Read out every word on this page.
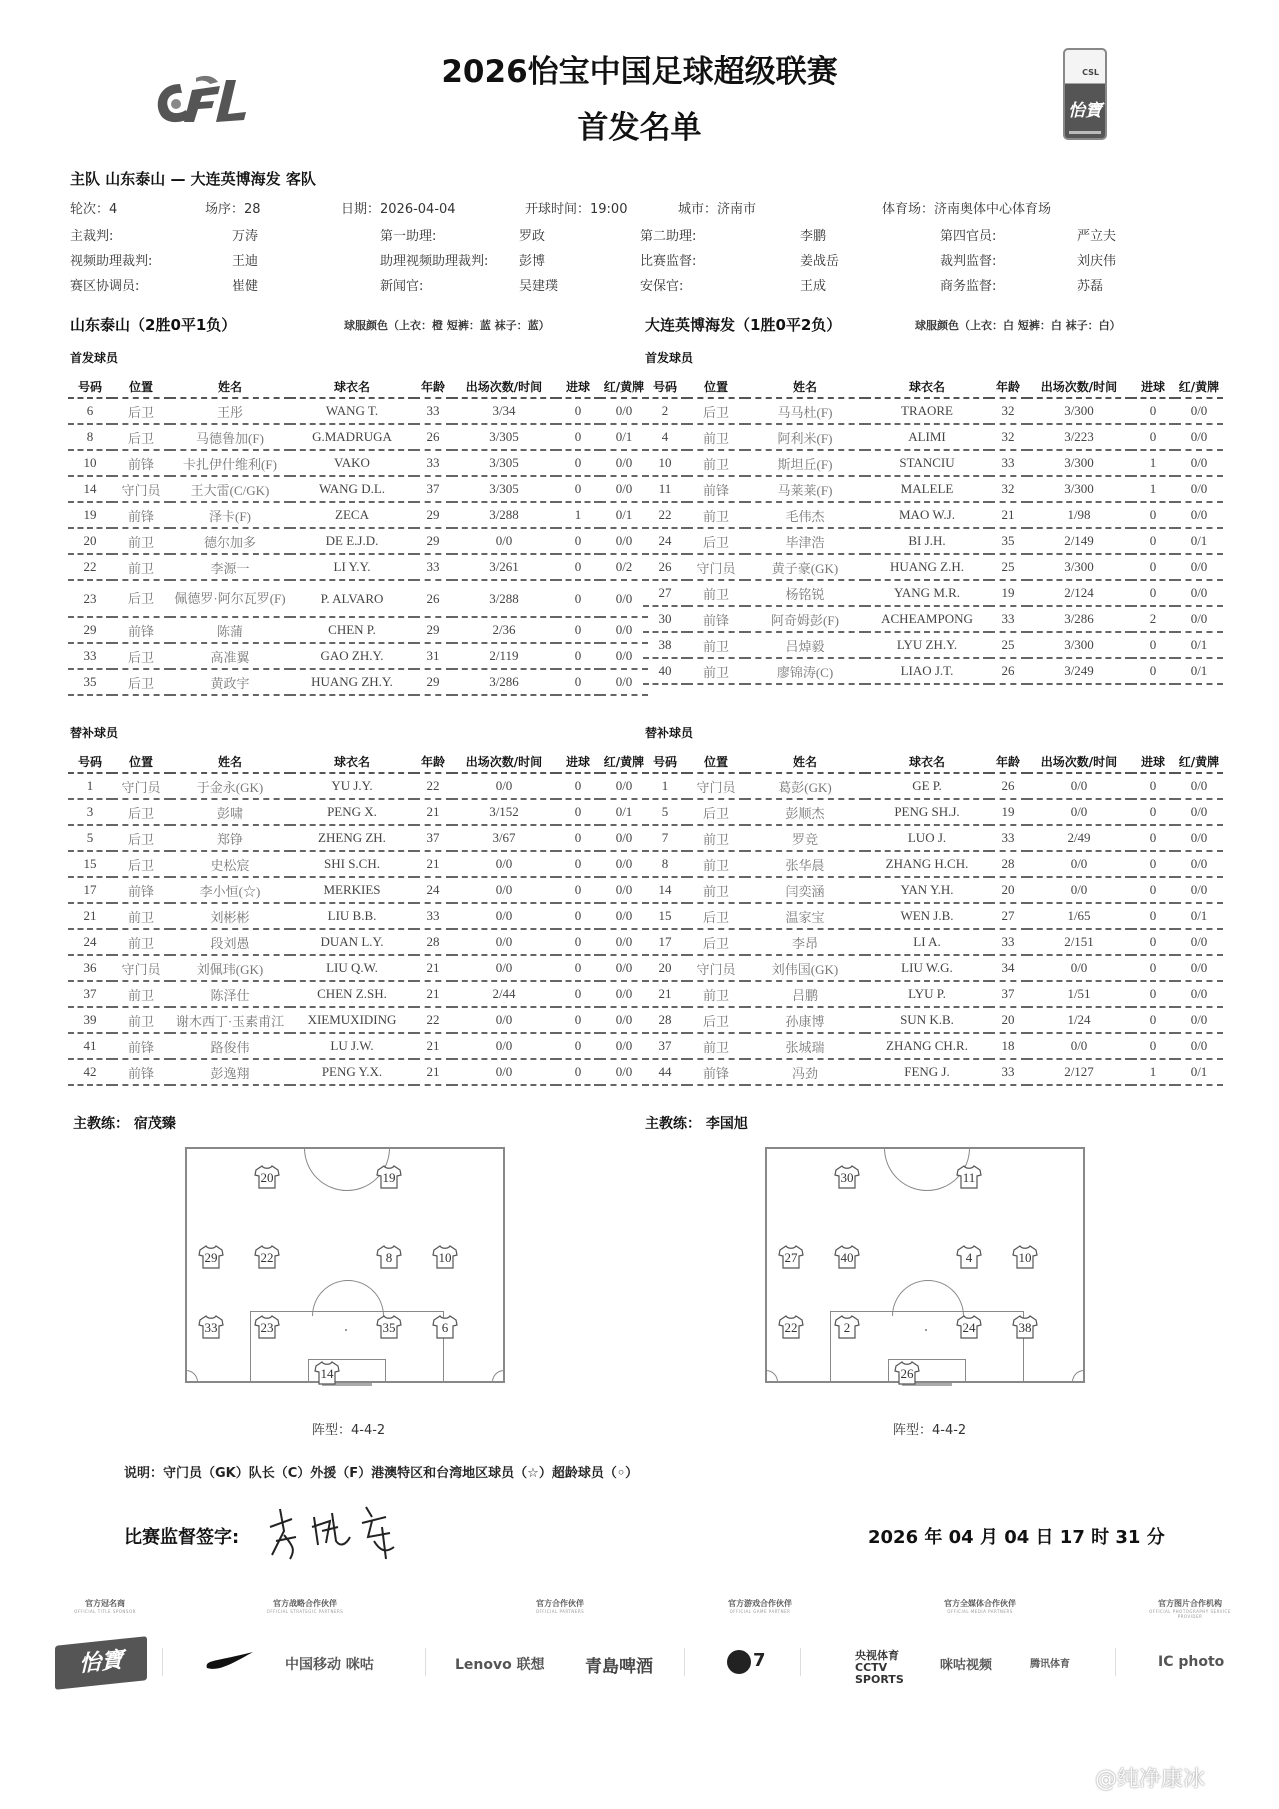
2026怡宝中国足球超级联赛
首发名单
CSL
怡寶
主队 山东泰山 — 大连英博海发 客队
轮次：4	场序：28	日期：2026-04-04	开球时间：19:00	城市：济南市	体育场：济南奥体中心体育场
主裁判:	万涛	第一助理:	罗政	第二助理:	李鹏	第四官员:	严立夫
视频助理裁判:	王迪	助理视频助理裁判: 彭博	比赛监督:	姜战岳	裁判监督:	刘庆伟
赛区协调员:	崔健	新闻官:	吴建璞	安保官:	王成	商务监督:	苏磊
山东泰山（2胜0平1负）	球服颜色（上衣：橙 短裤：蓝 袜子：蓝）	大连英博海发（1胜0平2负）	球服颜色（上衣：白 短裤：白 袜子：白）
首发球员	首发球员
号码	位置	姓名	球衣名	年龄	出场次数/时间	进球	红/黄牌
6	后卫	王彤	WANG T.	33	3/34	0	0/0
8	后卫	马德鲁加(F)	G.MADRUGA	26	3/305	0	0/1
10	前锋	卡扎伊什维利(F)	VAKO	33	3/305	0	0/0
14	守门员	王大雷(C/GK)	WANG D.L.	37	3/305	0	0/0
19	前锋	泽卡(F)	ZECA	29	3/288	1	0/1
20	前卫	德尔加多	DE E.J.D.	29	0/0	0	0/0
22	前卫	李源一	LI Y.Y.	33	3/261	0	0/2
23	后卫	佩德罗·阿尔瓦罗(F)	P. ALVARO	26	3/288	0	0/0
29	前锋	陈蒲	CHEN P.	29	2/36	0	0/0
33	后卫	高准翼	GAO ZH.Y.	31	2/119	0	0/0
35	后卫	黄政宇	HUANG ZH.Y.	29	3/286	0	0/0
号码	位置	姓名	球衣名	年龄	出场次数/时间	进球	红/黄牌
2	后卫	马马杜(F)	TRAORE	32	3/300	0	0/0
4	前卫	阿利米(F)	ALIMI	32	3/223	0	0/0
10	前卫	斯坦丘(F)	STANCIU	33	3/300	1	0/0
11	前锋	马莱莱(F)	MALELE	32	3/300	1	0/0
22	前卫	毛伟杰	MAO W.J.	21	1/98	0	0/0
24	后卫	毕津浩	BI J.H.	35	2/149	0	0/1
26	守门员	黄子豪(GK)	HUANG Z.H.	25	3/300	0	0/0
27	前卫	杨铭锐	YANG M.R.	19	2/124	0	0/0
30	前锋	阿奇姆彭(F)	ACHEAMPONG	33	3/286	2	0/0
38	前卫	吕焯毅	LYU ZH.Y.	25	3/300	0	0/1
40	前卫	廖锦涛(C)	LIAO J.T.	26	3/249	0	0/1
替补球员	替补球员
号码	位置	姓名	球衣名	年龄	出场次数/时间	进球	红/黄牌
1	守门员	于金永(GK)	YU J.Y.	22	0/0	0	0/0
3	后卫	彭啸	PENG X.	21	3/152	0	0/1
5	后卫	郑铮	ZHENG ZH.	37	3/67	0	0/0
15	后卫	史松宸	SHI S.CH.	21	0/0	0	0/0
17	前锋	李小恒(☆)	MERKIES	24	0/0	0	0/0
21	前卫	刘彬彬	LIU B.B.	33	0/0	0	0/0
24	前卫	段刘愚	DUAN L.Y.	28	0/0	0	0/0
36	守门员	刘佩玮(GK)	LIU Q.W.	21	0/0	0	0/0
37	前卫	陈泽仕	CHEN Z.SH.	21	2/44	0	0/0
39	前卫	谢木西丁·玉素甫江	XIEMUXIDING	22	0/0	0	0/0
41	前锋	路俊伟	LU J.W.	21	0/0	0	0/0
42	前锋	彭逸翔	PENG Y.X.	21	0/0	0	0/0
号码	位置	姓名	球衣名	年龄	出场次数/时间	进球	红/黄牌
1	守门员	葛彭(GK)	GE P.	26	0/0	0	0/0
5	后卫	彭顺杰	PENG SH.J.	19	0/0	0	0/0
7	前卫	罗竞	LUO J.	33	2/49	0	0/0
8	前卫	张华晨	ZHANG H.CH.	28	0/0	0	0/0
14	前卫	闫奕涵	YAN Y.H.	20	0/0	0	0/0
15	后卫	温家宝	WEN J.B.	27	1/65	0	0/1
17	后卫	李昂	LI A.	33	2/151	0	0/0
20	守门员	刘伟国(GK)	LIU W.G.	34	0/0	0	0/0
21	前卫	吕鹏	LYU P.	37	1/51	0	0/0
28	后卫	孙康博	SUN K.B.	20	1/24	0	0/0
37	前卫	张城瑞	ZHANG CH.R.	18	0/0	0	0/0
44	前锋	冯劲	FENG J.	33	2/127	1	0/1
主教练： 宿茂臻	主教练： 李国旭
20	19
29	22	8	10
33	23	35	6
14
阵型：4-4-2
30	11
27	40	4	10
22	2	24	38
26
阵型：4-4-2
说明：守门员（GK）队长（C）外援（F）港澳特区和台湾地区球员（☆）超龄球员（◦）
比赛监督签字:	2026 年 04 月 04 日 17 时 31 分
官方冠名商
OFFICIAL TITLE SPONSOR
官方战略合作伙伴
OFFICIAL STRATEGIC PARTNERS
官方合作伙伴
OFFICIAL PARTNERS
官方游戏合作伙伴
OFFICIAL GAME PARTNER
官方全媒体合作伙伴
OFFICIAL MEDIA PARTNERS
官方图片合作机构
OFFICIAL PHOTOGRAPHY SERVICE PROVIDER
怡寶	中国移动 咪咕	Lenovo 联想 青島啤酒	7	央视体育 CCTV SPORTS
咪咕视频	腾讯体育	IC photo
@纯净康冰
